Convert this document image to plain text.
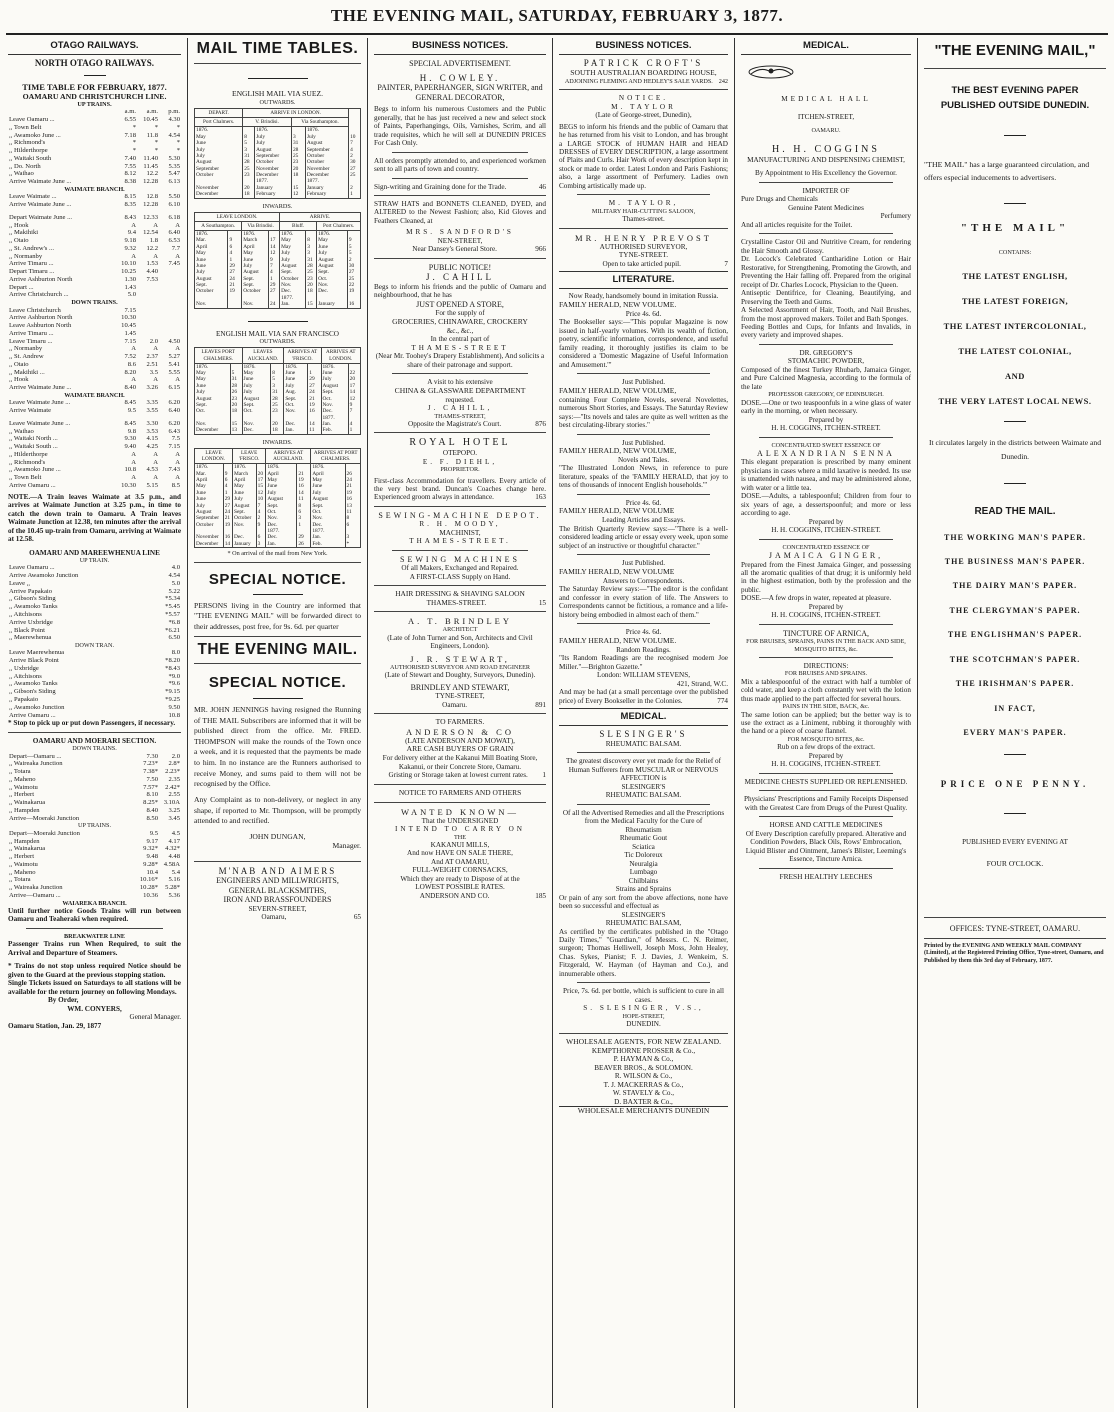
THE EVENING MAIL, SATURDAY, FEBRUARY 3, 1877.
OTAGO RAILWAYS.
NORTH OTAGO RAILWAYS.
TIME TABLE FOR FEBRUARY, 1877.
OAMARU AND CHRISTCHURCH LINE.
UP TRAINS.
	a.m.	a.m.	p.m.
Leave Oamaru ...	6.55	10.45	4.30
,, Town Belt	*	*	*
,, Awamoko June ...	7.18	11.8	4.54
,, Richmond's	*	*	*
,, Hilderthorpe	*	*	*
,, Waitaki South	7.40	11.40	5.30
,, Do. North	7.55	11.45	5.35
,, Waihao	8.12	12.2	5.47
Arrive Waimate June ...	8.38	12.28	6.13
WAIMATE BRANCH.
Leave Waimate ...	8.15	12.8	5.50
Arrive Waimate June ...	8.35	12.28	6.10
Depart Waimate June ...	8.43	12.33	6.18
,, Hook	A	A	A
,, Makihiki	9.4	12.54	6.40
,, Otaio	9.18	1.8	6.53
,, St. Andrew's ...	9.32	12.2	7.7
,, Normanby	A	A	A
Arrive Timaru ...	10.10	1.53	7.45
Depart Timaru ...	10.25	4.40	
Arrive Ashburton North	1.30	7.53	
Depart ...	1.43		
Arrive Christchurch ...	5.0		
DOWN TRAINS.
Leave Christchurch	7.15		
Arrive Ashburton North	10.30		
Leave Ashburton North	10.45		
Arrive Timaru ...	1.45		
Leave Timaru ...	7.15	2.0	4.50
,, Normanby	A	A	A
,, St. Andrew	7.52	2.37	5.27
,, Otaio	8.6	2.51	5.41
,, Makihiki ...	8.20	3.5	5.55
,, Hook	A	A	A
Arrive Waimate June ...	8.40	3.26	6.15
WAIMATE BRANCH.
Leave Waimate June ...	8.45	3.35	6.20
Arrive Waimate	9.5	3.55	6.40
Leave Waimate June ...	8.45	3.30	6.20
,, Waihao	9.8	3.53	6.43
,, Waitaki North ...	9.30	4.15	7.5
,, Waitaki South ...	9.40	4.25	7.15
,, Hilderthorpe	A	A	A
,, Richmond's	A	A	A
,, Awamoko June ...	10.8	4.53	7.43
,, Town Belt	A	A	A
Arrive Oamaru ...	10.30	5.15	8.5
NOTE.—A Train leaves Waimate at 3.5 p.m., and arrives at Waimate Junction at 3.25 p.m., in time to catch the down train to Oamaru. A Train leaves Waimate Junction at 12.38, ten minutes after the arrival of the 10.45 up-train from Oamaru, arriving at Waimate at 12.58.
OAMARU AND MAREEWHENUA LINE
UP TRAIN.
Leave Oamaru ...	4.0
Arrive Awamoko Junction	4.54
Leave ,,	5.0
Arrive Papakaio	5.22
,, Gibson's Siding	*5.34
,, Awamoko Tanks	*5.45
,, Aitchisons	*5.57
Arrive Uxbridge	*6.8
,, Black Point	*6.21
,, Maerewhenua	6.50
DOWN TRAN.
Leave Maerewhenua	8.0
Arrive Black Point	*8.20
,, Uxbridge	*8.43
,, Aitchisons	*9.0
,, Awamoko Tanks	*9.6
,, Gibson's Siding	*9.15
,, Papakaio	*9.25
,, Awamoko Junction	9.50
Arrive Oamaru ...	10.8
* Stop to pick up or put down Passengers, if necessary.
OAMARU AND MOERARI SECTION.
DOWN TRAINS.
Depart—Oamaru ...	7.30	2.0
,, Waireaka Junction	7.23*	2.8*
,, Totara	7.38*	2.23*
,, Maheno	7.50	2.35
,, Waimotu	7.57*	2.42*
,, Herbert	8.10	2.55
,, Wainakarua	8.25*	3.10A
,, Hampden	8.40	3.25
Arrive—Moeraki Junction	8.50	3.45
UP TRAINS.
Depart—Moeraki Junction	9.5	4.5
,, Hampden	9.17	4.17
,, Wainakarua	9.32*	4.32*
,, Herbert	9.48	4.48
,, Waimotu	9.28*	4.58A
,, Maheno	10.4	5.4
,, Totara	10.16*	5.16
,, Waireaka Junction	10.28*	5.28*
Arrive—Oamaru ...	10.36	5.36
WAIAREKA BRANCH.
Until further notice Goods Trains will run between Oamaru and Teaheraki when required.
BREAKWATER LINE
Passenger Trains run When Required, to suit the Arrival and Departure of Steamers.
* Trains do not stop unless required Notice should be given to the Guard at the previous stopping station.
Single Tickets issued on Saturdays to all stations will be available for the return journey on following Mondays.
By Order,
WM. CONYERS,
General Manager.
Oamaru Station, Jan. 29, 1877
MAIL TIME TABLES.
ENGLISH MAIL VIA SUEZ.
OUTWARDS.
DEPART.	ARRIVE IN LONDON.				
Port Chalmers.	V. Brindisi.		Via Southampton.		
1876.		1876.		1876.	
May	8	July	3	July	10
June	5	July	31	August	7
July	3	August	28	September	4
July	31	September	25	October	2
August	28	October	23	October	30
September	25	November	20	November	27
October	23	December	18	December	25
		1877.		1877.	
November	20	January	15	January	2
December	18	February	12	February	1
INWARDS.
LEAVE LONDON.				ARRIVE.			
A Southampton.		Via Brindisi.		Bluff.		Port Chalmers.	
1876.		1876.		1876.		1876.	
Mar.	9	March	17	May	8	May	9
April	6	April	14	May	3	June	5
May	4	May	12	July	3	July	5
June	1	June	9	July	31	August	2
June	29	July	7	August	28	August	30
July	27	August	4	Sept.	25	Sept.	27
August	24	Sept.	1	October	23	Oct.	25
Sept.	21	Sept.	29	Nov.	20	Nov.	22
October	19	October	27	Dec.	18	Dec.	19
				1877.			
Nov.		Nov.	24	Jan.	15	January	16
ENGLISH MAIL VIA SAN FRANCISCO
OUTWARDS.
LEAVES PORT CHALMERS.		LEAVES AUCKLAND.		ARRIVES AT 'FRISCO.		ARRIVES AT LONDON.	
1876.		1876.		1876.		1876.	
May	5	May	8	June	1	June	22
May	31	June	5	June	29	July	20
June	28	July	3	July	27	August	17
July	26	July	31	Aug.	24	Sept.	14
August	23	August	28	Sept.	21	Oct.	12
Sept.	20	Sept.	25	Oct.	19	Nov.	9
Oct.	18	Oct.	23	Nov.	16	Dec.	7
						1877.	
Nov.	15	Nov.	20	Dec.	14	Jan.	4
December	13	Dec.	18	Jan.	11	Feb.	1
INWARDS.
LEAVE LONDON.		LEAVE 'FRISCO.		ARRIVES AT AUCKLAND.		ARRIVES AT PORT CHALMERS.	
1876.		1876.		1876.		1876.	
Mar.	9	March	20	April	21	April	26
April	6	April	17	May	19	May	24
May	4	May	15	June	16	June	21
June	1	June	12	July	14	July	19
June	29	July	10	August	11	August	16
July	27	August	7	Sept.	8	Sept.	13
August	24	Sept.	4	Oct.	6	Oct.	11
September	21	October	2	Nov.	3	Nov.	8
October	19	Nov.	9	Dec.	1	Dec.	6
				1877.		1877.	
November	16	Dec.	6	Dec.	29	Jan.	3
December	14	January	3	Jan.	26	Feb.	*
* On arrival of the mail from New York.
SPECIAL NOTICE.
PERSONS living in the Country are informed that "THE EVENING MAIL" will be forwarded direct to their addresses, post free, for 9s. 6d. per quarter
THE EVENING MAIL.
SPECIAL NOTICE.
MR. JOHN JENNINGS having resigned the Running of THE MAIL Subscribers are informed that it will be published direct from the office. Mr. FRED. THOMPSON will make the rounds of the Town once a week, and it is requested that the payments be made to him. In no instance are the Runners authorised to receive Money, and sums paid to them will not be recognised by the Office.
Any Complaint as to non-delivery, or neglect in any shape, if reported to Mr. Thompson, will be promptly attended to and rectified.
JOHN DUNGAN,
Manager.
M'NAB AND AIMERS
ENGINEERS AND MILLWRIGHTS,
GENERAL BLACKSMITHS,
IRON AND BRASSFOUNDERS
SEVERN-STREET,
Oamaru,	65
BUSINESS NOTICES.
SPECIAL ADVERTISEMENT.
H. COWLEY.
PAINTER, PAPERHANGER, SIGN WRITER, and GENERAL DECORATOR,
Begs to inform his numerous Customers and the Public generally, that he has just received a new and select stock of Paints, Paperhangings, Oils, Varnishes, Scrim, and all trade requisites, which he will sell at DUNEDIN PRICES For Cash Only.
All orders promptly attended to, and experienced workmen sent to all parts of town and country.
Sign-writing and Graining done for the Trade.	46
STRAW HATS and BONNETS CLEANED, DYED, and ALTERED to the Newest Fashion; also, Kid Gloves and Feathers Cleaned, at
MRS. SANDFORD'S
NEN-STREET,
Near Dansey's General Store.	966
PUBLIC NOTICE!
J. CAHILL
Begs to inform his friends and the public of Oamaru and neighbourhood, that he has
JUST OPENED A STORE,
For the supply of
GROCERIES, CHINAWARE, CROCKERY
&c., &c.,
In the central part of
THAMES-STREET
(Near Mr. Toohey's Drapery Establishment), And solicits a share of their patronage and support.
A visit to his extensive
CHINA & GLASSWARE DEPARTMENT
requested.
J. CAHILL,
THAMES-STREET,
Opposite the Magistrate's Court.	876
ROYAL HOTEL
OTEPOPO.
E. F. DIEHL,
PROPRIETOR.
First-class Accommodation for travellers. Every article of the very best brand. Duncan's Coaches change here. Experienced groom always in attendance.	163
SEWING-MACHINE DEPOT.
R. H. MOODY,
MACHINIST,
THAMES-STREET.
SEWING MACHINES
Of all Makers, Exchanged and Repaired.
A FIRST-CLASS Supply on Hand.
HAIR DRESSING & SHAVING SALOON
THAMES-STREET.	15
A. T. BRINDLEY
ARCHITECT
(Late of John Turner and Son, Architects and Civil Engineers, London).
J. R. STEWART,
AUTHORISED SURVEYOR AND ROAD ENGINEER
(Late of Stewart and Doughty, Surveyors, Dunedin).
BRINDLEY AND STEWART,
TYNE-STREET,
Oamaru.	891
TO FARMERS.
ANDERSON & CO
(LATE ANDERSON AND MOWAT),
ARE CASH BUYERS OF GRAIN
For delivery either at the Kakanui Mill Boating Store, Kakanui, or their Concrete Store, Oamaru.
Gristing or Storage taken at lowest current rates. 1
NOTICE TO FARMERS AND OTHERS
WANTED KNOWN—
That the UNDERSIGNED
INTEND TO CARRY ON
THE
KAKANUI MILLS,
And now HAVE ON SALE THERE,
And AT OAMARU,
FULL-WEIGHT CORNSACKS,
Which they are ready to Dispose of at the
LOWEST POSSIBLE RATES.
ANDERSON AND CO.	185
BUSINESS NOTICES.
PATRICK CROFT'S
SOUTH AUSTRALIAN BOARDING HOUSE,
ADJOINING FLEMING AND HEDLEY'S SALE YARDS. 242
NOTICE.
M. TAYLOR
(Late of George-street, Dunedin),
BEGS to inform his friends and the public of Oamaru that he has returned from his visit to London, and has brought a LARGE STOCK of HUMAN HAIR and HEAD DRESSES of EVERY DESCRIPTION, a large assortment of Plaits and Curls. Hair Work of every description kept in stock or made to order. Latest London and Paris Fashions; also, a large assortment of Perfumery. Ladies own Combing artistically made up.
M. TAYLOR,
MILITARY HAIR-CUTTING SALOON,
Thames-street.
MR. HENRY PREVOST
AUTHORISED SURVEYOR,
TYNE-STREET.
Open to take articled pupil.	7
LITERATURE.
Now Ready, handsomely bound in imitation Russia.
FAMILY HERALD, NEW VOLUME.
Price 4s. 6d.
The Bookseller says:—"This popular Magazine is now issued in half-yearly volumes. With its wealth of fiction, poetry, scientific information, correspondence, and useful family reading, it thoroughly justifies its claim to be considered a 'Domestic Magazine of Useful Information and Amusement.'"
Just Published.
FAMILY HERALD, NEW VOLUME,
containing Four Complete Novels, several Novelettes, numerous Short Stories, and Essays. The Saturday Review says:—"Its novels and tales are quite as well written as the best circulating-library stories."
Just Published.
FAMILY HERALD, NEW VOLUME,
Novels and Tales.
"The Illustrated London News, in reference to pure literature, speaks of the 'FAMILY HERALD, that joy to tens of thousands of innocent English households.'"
Price 4s. 6d.
FAMILY HERALD, NEW VOLUME
Leading Articles and Essays.
The British Quarterly Review says:—"There is a well-considered leading article or essay every week, upon some subject of an instructive or thoughtful character."
Just Published.
FAMILY HERALD, NEW VOLUME
Answers to Correspondents.
The Saturday Review says:—"The editor is the confidant and confessor in every station of life. The Answers to Correspondents cannot be fictitious, a romance and a life-history being embodied in almost each of them."
Price 4s. 6d.
FAMILY HERALD, NEW VOLUME.
Random Readings.
"Its Random Readings are the recognised modern Joe Miller."—Brighton Gazette."
London: WILLIAM STEVENS,
421, Strand, W.C.
And may be had (at a small percentage over the published price) of Every Bookseller in the Colonies.	774
MEDICAL.
SLESINGER'S
RHEUMATIC BALSAM.
The greatest discovery ever yet made for the Relief of Human Sufferers from MUSCULAR or NERVOUS AFFECTION is
SLESINGER'S
RHEUMATIC BALSAM.
Of all the Advertised Remedies and all the Prescriptions from the Medical Faculty for the Cure of
Rheumatism
Rheumatic Gout
Sciatica
Tic Doloreux
Neuralgia
Lumbago
Chilblains
Strains and Sprains
Or pain of any sort from the above affections, none have been so successful and effectual as
SLESINGER'S
RHEUMATIC BALSAM,
As certified by the certificates published in the "Otago Daily Times," "Guardian," of Messrs. C. N. Reimer, surgeon; Thomas Helliwell, Joseph Moss, John Healey, Chas. Sykes, Pianist; F. J. Davies, J. Wenkeim, S. Fitzgerald, W. Hayman (of Hayman and Co.), and innumerable others.
Price, 7s. 6d. per bottle, which is sufficient to cure in all cases.
S. SLESINGER, V.S.,
HOPE-STREET,
DUNEDIN.
WHOLESALE AGENTS, FOR NEW ZEALAND.
KEMPTHORNE PROSSER & Co.,
P. HAYMAN & Co.,
BEAVER BROS., & SOLOMON.
R. WILSON & Co.,
T. J. MACKERRAS & Co.,
W. STAVELY & Co.,
D. BAXTER & Co.,
WHOLESALE MERCHANTS DUNEDIN
MEDICAL.
MEDICAL HALL
ITCHEN-STREET,
OAMARU.
H. H. COGGINS
MANUFACTURING AND DISPENSING CHEMIST,
By Appointment to His Excellency the Governor.
IMPORTER OF
Pure Drugs and Chemicals
Genuine Patent Medicines
Perfumery
And all articles requisite for the Toilet.
Crystalline Castor Oil and Nutritive Cream, for rendering the Hair Smooth and Glossy.
Dr. Locock's Celebrated Cantharidine Lotion or Hair Restorative, for Strengthening, Promoting the Growth, and Preventing the Hair falling off. Prepared from the original receipt of Dr. Charles Locock, Physician to the Queen.
Antiseptic Dentifrice, for Cleaning, Beautifying, and Preserving the Teeth and Gums.
A Selected Assortment of Hair, Tooth, and Nail Brushes, from the most approved makers. Toilet and Bath Sponges.
Feeding Bottles and Cups, for Infants and Invalids, in every variety and improved shapes.
DR. GREGORY'S
STOMACHIC POWDER,
Composed of the finest Turkey Rhubarb, Jamaica Ginger, and Pure Calcined Magnesia, according to the formula of the late
PROFESSOR GREGORY, OF EDINBURGH.
DOSE.—One or two teaspoonfuls in a wine glass of water early in the morning, or when necessary.
Prepared by
H. H. COGGINS, ITCHEN-STREET.
CONCENTRATED SWEET ESSENCE OF
ALEXANDRIAN SENNA
This elegant preparation is prescribed by many eminent physicians in cases where a mild laxative is needed. Its use is unattended with nausea, and may be administered alone, with water or a little tea.
DOSE.—Adults, a tablespoonful; Children from four to six years of age, a dessertspoonful; and more or less according to age.
Prepared by
H. H. COGGINS, ITCHEN-STREET.
CONCENTRATED ESSENCE OF
JAMAICA GINGER,
Prepared from the Finest Jamaica Ginger, and possessing all the aromatic qualities of that drug; it is uniformly held in the highest estimation, both by the profession and the public.
DOSE.—A few drops in water, repeated at pleasure.
Prepared by
H. H. COGGINS, ITCHEN-STREET.
TINCTURE OF ARNICA,
FOR BRUISES, SPRAINS, PAINS IN THE BACK AND SIDE, MOSQUITO BITES, &c.
DIRECTIONS:
FOR BRUISES AND SPRAINS.
Mix a tablespoonful of the extract with half a tumbler of cold water, and keep a cloth constantly wet with the lotion thus made applied to the part affected for several hours.
PAINS IN THE SIDE, BACK, &c.
The same lotion can be applied; but the better way is to use the extract as a Liniment, rubbing it thoroughly with the hand or a piece of coarse flannel.
FOR MOSQUITO BITES, &c.
Rub on a few drops of the extract.
Prepared by
H. H. COGGINS, ITCHEN-STREET.
MEDICINE CHESTS SUPPLIED OR REPLENISHED.
Physicians' Prescriptions and Family Receipts Dispensed with the Greatest Care from Drugs of the Purest Quality.
HORSE AND CATTLE MEDICINES
Of Every Description carefully prepared. Alterative and Condition Powders, Black Oils, Rows' Embrocation, Liquid Blister and Ointment, James's Blister, Leeming's Essence, Tincture Arnica.
FRESH HEALTHY LEECHES
"THE EVENING MAIL,"
THE BEST EVENING PAPER PUBLISHED OUTSIDE DUNEDIN.
"THE MAIL" has a large guaranteed circulation, and offers especial inducements to advertisers.
"THE MAIL"
CONTAINS:
THE LATEST ENGLISH,
THE LATEST FOREIGN,
THE LATEST INTERCOLONIAL,
THE LATEST COLONIAL,
AND
THE VERY LATEST LOCAL NEWS.
It circulates largely in the districts between Waimate and Dunedin.
READ THE MAIL.
THE WORKING MAN'S PAPER.
THE BUSINESS MAN'S PAPER.
THE DAIRY MAN'S PAPER.
THE CLERGYMAN'S PAPER.
THE ENGLISHMAN'S PAPER.
THE SCOTCHMAN'S PAPER.
THE IRISHMAN'S PAPER.
IN FACT,
EVERY MAN'S PAPER.
PRICE ONE PENNY.
PUBLISHED EVERY EVENING AT
FOUR O'CLOCK.
OFFICES: TYNE-STREET, OAMARU.
Printed by the EVENING AND WEEKLY MAIL COMPANY (Limited), at the Registered Printing Office, Tyne-street, Oamaru, and Published by them this 3rd day of February, 1877.
